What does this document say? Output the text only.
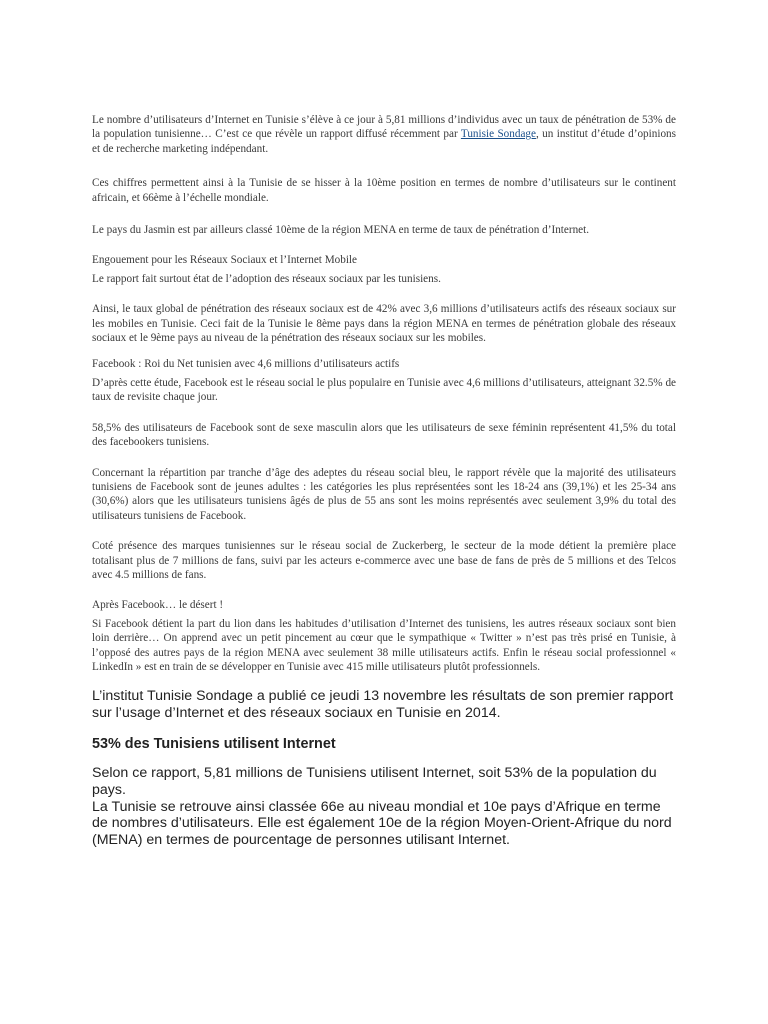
Le nombre d’utilisateurs d’Internet en Tunisie s’élève à ce jour à 5,81 millions d’individus avec un taux de pénétration de 53% de la population tunisienne… C’est ce que révèle un rapport diffusé récemment par Tunisie Sondage, un institut d’étude d’opinions et de recherche marketing indépendant.

Ces chiffres permettent ainsi à la Tunisie de se hisser à la 10ème position en termes de nombre d’utilisateurs sur le continent africain, et 66ème à l’échelle mondiale.

Le pays du Jasmin est par ailleurs classé 10ème de la région MENA en terme de taux de pénétration d’Internet.

Engouement pour les Réseaux Sociaux et l’Internet Mobile

Le rapport fait surtout état de l’adoption des réseaux sociaux par les tunisiens.

Ainsi, le taux global de pénétration des réseaux sociaux est de 42% avec 3,6 millions d’utilisateurs actifs des réseaux sociaux sur les mobiles en Tunisie. Ceci fait de la Tunisie le 8ème pays dans la région MENA en termes de pénétration globale des réseaux sociaux et le 9ème pays au niveau de la pénétration des réseaux sociaux sur les mobiles.

Facebook : Roi du Net tunisien avec 4,6 millions d’utilisateurs actifs

D’après cette étude, Facebook est le réseau social le plus populaire en Tunisie avec 4,6 millions d’utilisateurs, atteignant 32.5% de taux de revisite chaque jour.

58,5% des utilisateurs de Facebook sont de sexe masculin alors que les utilisateurs de sexe féminin représentent 41,5% du total des facebookers tunisiens.

Concernant la répartition par tranche d’âge des adeptes du réseau social bleu, le rapport révèle que la majorité des utilisateurs tunisiens de Facebook sont de jeunes adultes : les catégories les plus représentées sont les 18-24 ans (39,1%) et les 25-34 ans (30,6%) alors que les utilisateurs tunisiens âgés de plus de 55 ans sont les moins représentés avec seulement 3,9% du total des utilisateurs tunisiens de Facebook.

Coté présence des marques tunisiennes sur le réseau social de Zuckerberg, le secteur de la mode détient la première place totalisant plus de 7 millions de fans, suivi par les acteurs e-commerce avec une base de fans de près de 5 millions et des Telcos avec 4.5 millions de fans.

Après Facebook… le désert !

Si Facebook détient la part du lion dans les habitudes d’utilisation d’Internet des tunisiens, les autres réseaux sociaux sont bien loin derrière… On apprend avec un petit pincement au cœur que le sympathique « Twitter » n’est pas très prisé en Tunisie, à l’opposé des autres pays de la région MENA avec seulement 38 mille utilisateurs actifs. Enfin le réseau social professionnel « LinkedIn » est en train de se développer en Tunisie avec 415 mille utilisateurs plutôt professionnels.

L’institut Tunisie Sondage a publié ce jeudi 13 novembre les résultats de son premier rapport sur l’usage d’Internet et des réseaux sociaux en Tunisie en 2014.

53% des Tunisiens utilisent Internet

Selon ce rapport, 5,81 millions de Tunisiens utilisent Internet, soit 53% de la population du pays.

La Tunisie se retrouve ainsi classée 66e au niveau mondial et 10e pays d’Afrique en terme de nombres d’utilisateurs. Elle est également 10e de la région Moyen-Orient-Afrique du nord (MENA) en termes de pourcentage de personnes utilisant Internet.
